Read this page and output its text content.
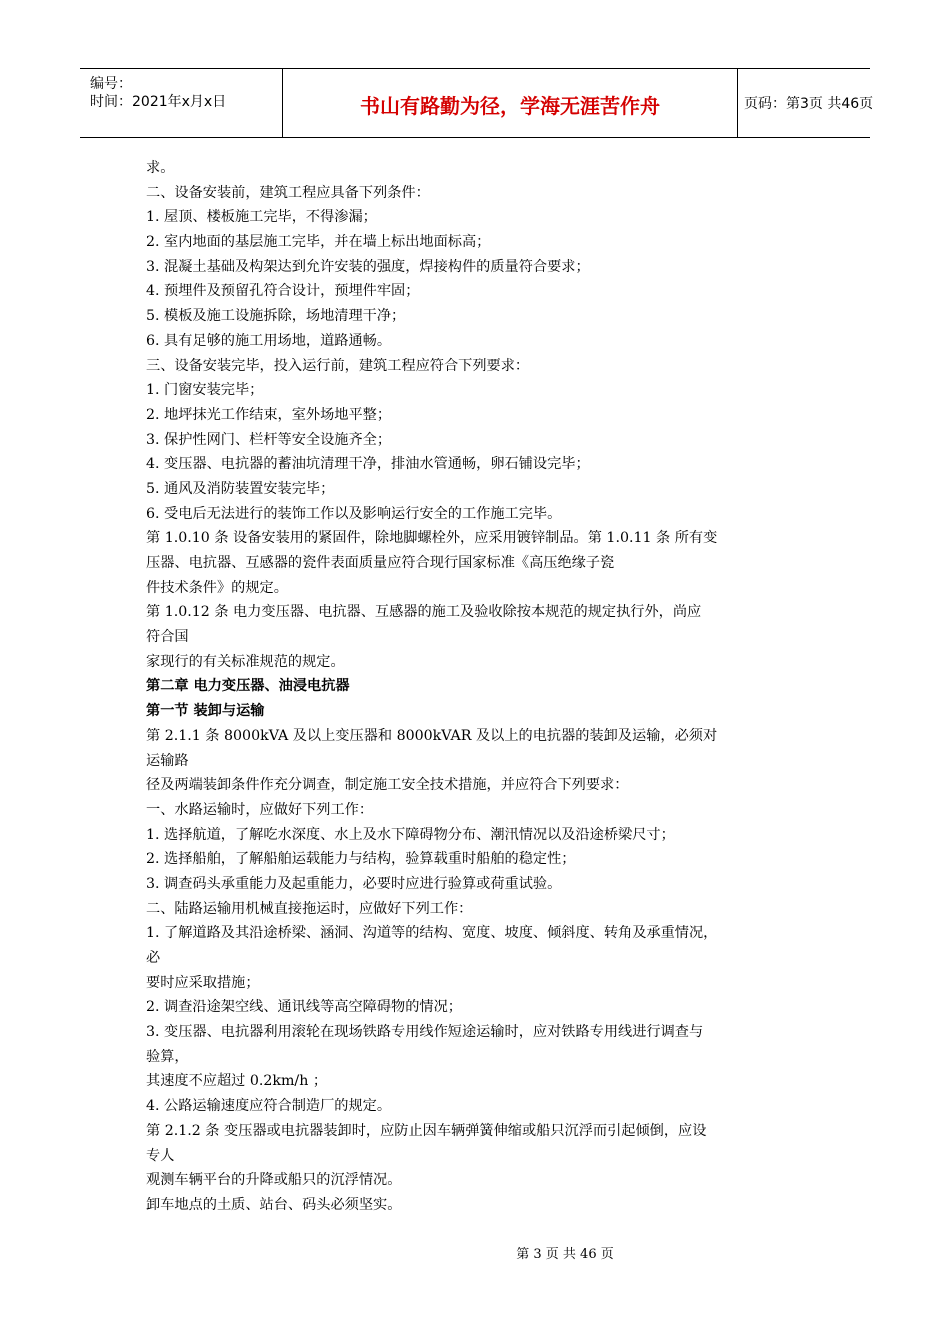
编号：
时间：2021年x月x日	书山有路勤为径，学海无涯苦作舟	页码：第3页 共46页
求。
二、设备安装前，建筑工程应具备下列条件：
1. 屋顶、楼板施工完毕，不得渗漏；
2. 室内地面的基层施工完毕，并在墙上标出地面标高；
3. 混凝土基础及构架达到允许安装的强度，焊接构件的质量符合要求；
4. 预埋件及预留孔符合设计，预埋件牢固；
5. 模板及施工设施拆除，场地清理干净；
6. 具有足够的施工用场地，道路通畅。
三、设备安装完毕，投入运行前，建筑工程应符合下列要求：
1. 门窗安装完毕；
2. 地坪抹光工作结束，室外场地平整；
3. 保护性网门、栏杆等安全设施齐全；
4. 变压器、电抗器的蓄油坑清理干净，排油水管通畅，卵石铺设完毕；
5. 通风及消防装置安装完毕；
6. 受电后无法进行的装饰工作以及影响运行安全的工作施工完毕。
第 1.0.10 条 设备安装用的紧固件，除地脚螺栓外，应采用镀锌制品。第 1.0.11 条 所有变
压器、电抗器、互感器的瓷件表面质量应符合现行国家标准《高压绝缘子瓷
件技术条件》的规定。
第 1.0.12 条 电力变压器、电抗器、互感器的施工及验收除按本规范的规定执行外，尚应
符合国
家现行的有关标准规范的规定。
第二章 电力变压器、油浸电抗器
第一节 装卸与运输
第 2.1.1 条 8000kVA 及以上变压器和 8000kVAR 及以上的电抗器的装卸及运输，必须对
运输路
径及两端装卸条件作充分调查，制定施工安全技术措施，并应符合下列要求：
一、水路运输时，应做好下列工作：
1. 选择航道，了解吃水深度、水上及水下障碍物分布、潮汛情况以及沿途桥梁尺寸；
2. 选择船舶，了解船舶运载能力与结构，验算载重时船舶的稳定性；
3. 调查码头承重能力及起重能力，必要时应进行验算或荷重试验。
二、陆路运输用机械直接拖运时，应做好下列工作：
1. 了解道路及其沿途桥梁、涵洞、沟道等的结构、宽度、坡度、倾斜度、转角及承重情况，
必
要时应采取措施；
2. 调查沿途架空线、通讯线等高空障碍物的情况；
3. 变压器、电抗器利用滚轮在现场铁路专用线作短途运输时，应对铁路专用线进行调查与
验算，
其速度不应超过 0.2km/h ；
4. 公路运输速度应符合制造厂的规定。
第 2.1.2 条 变压器或电抗器装卸时，应防止因车辆弹簧伸缩或船只沉浮而引起倾倒，应设
专人
观测车辆平台的升降或船只的沉浮情况。
卸车地点的土质、站台、码头必须坚实。
第 3 页 共 46 页
